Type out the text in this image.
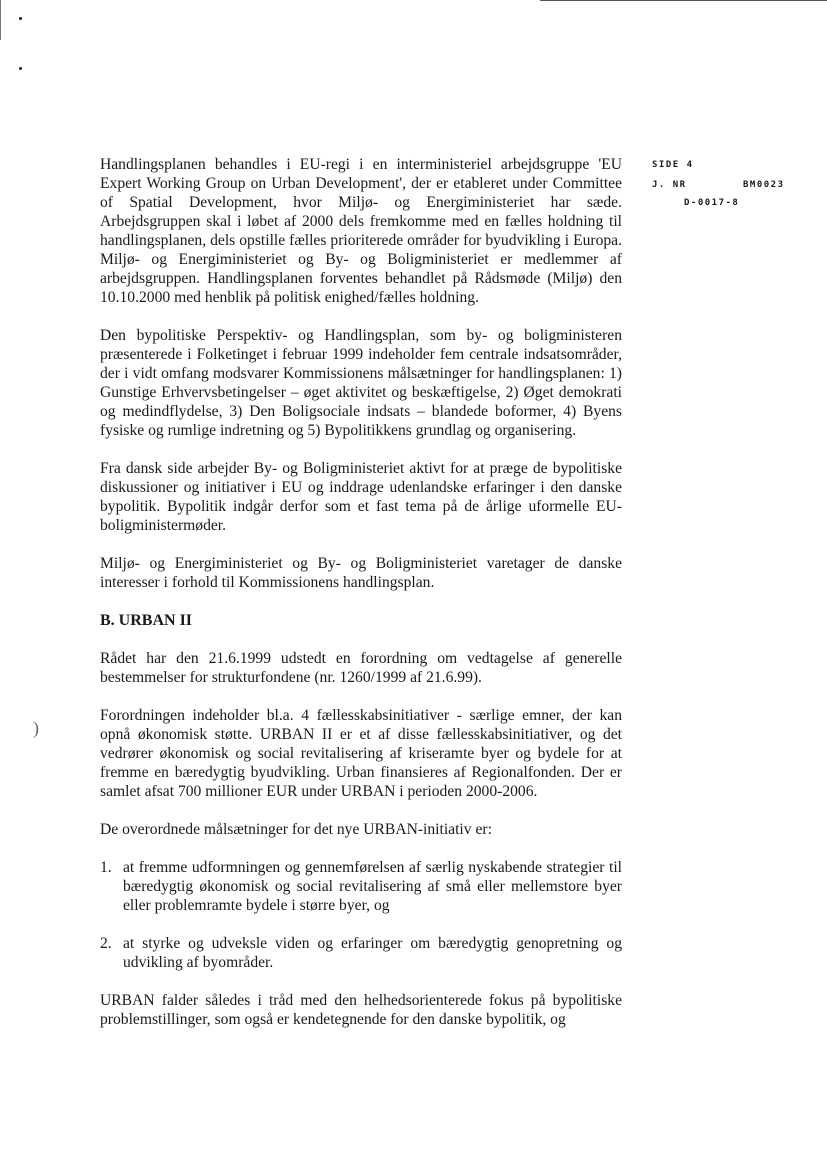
)
SIDE 4
J. NR	BM0023
D-0017-8

Handlingsplanen behandles i EU-regi i en interministeriel arbejdsgruppe 'EU Expert Working Group on Urban Development', der er etableret under Committee of Spatial Development, hvor Miljø- og Energiministeriet har sæde. Arbejdsgruppen skal i løbet af 2000 dels fremkomme med en fælles holdning til handlingsplanen, dels opstille fælles prioriterede områder for byudvikling i Europa. Miljø- og Energiministeriet og By- og Boligministeriet er medlemmer af arbejdsgruppen. Handlingsplanen forventes behandlet på Rådsmøde (Miljø) den 10.10.2000 med henblik på politisk enighed/fælles holdning.

Den bypolitiske Perspektiv- og Handlingsplan, som by- og boligministeren præsenterede i Folketinget i februar 1999 indeholder fem centrale indsatsområder, der i vidt omfang modsvarer Kommissionens målsætninger for handlingsplanen: 1) Gunstige Erhvervsbetingelser – øget aktivitet og beskæftigelse, 2) Øget demokrati og medindflydelse, 3) Den Boligsociale indsats – blandede boformer, 4) Byens fysiske og rumlige indretning og 5) Bypolitikkens grundlag og organisering.

Fra dansk side arbejder By- og Boligministeriet aktivt for at præge de bypolitiske diskussioner og initiativer i EU og inddrage udenlandske erfaringer i den danske bypolitik. Bypolitik indgår derfor som et fast tema på de årlige uformelle EU-boligministermøder.

Miljø- og Energiministeriet og By- og Boligministeriet varetager de danske interesser i forhold til Kommissionens handlingsplan.

B. URBAN II

Rådet har den 21.6.1999 udstedt en forordning om vedtagelse af generelle bestemmelser for strukturfondene (nr. 1260/1999 af 21.6.99).

Forordningen indeholder bl.a. 4 fællesskabsinitiativer - særlige emner, der kan opnå økonomisk støtte. URBAN II er et af disse fællesskabsinitiativer, og det vedrører økonomisk og social revitalisering af kriseramte byer og bydele for at fremme en bæredygtig byudvikling. Urban finansieres af Regionalfonden. Der er samlet afsat 700 millioner EUR under URBAN i perioden 2000-2006.

De overordnede målsætninger for det nye URBAN-initiativ er:

1. at fremme udformningen og gennemførelsen af særlig nyskabende strategier til bæredygtig økonomisk og social revitalisering af små eller mellemstore byer eller problemramte bydele i større byer, og
2. at styrke og udveksle viden og erfaringer om bæredygtig genopretning og udvikling af byområder.

URBAN falder således i tråd med den helhedsorienterede fokus på bypolitiske problemstillinger, som også er kendetegnende for den danske bypolitik, og
